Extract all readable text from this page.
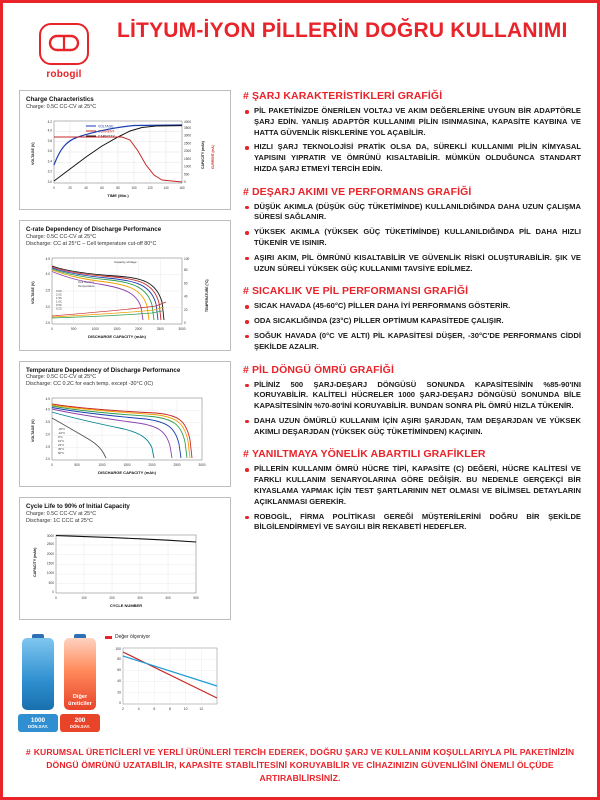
robogil
LİTYUM-İYON PİLLERİN DOĞRU KULLANIMI
Charge Characteristics
Charge: 0.5C CC-CV at 25°C
VOLTAGE
CURRENT
CAPACITY
3.0
3.2
3.4
3.6
3.8
4.0
4.2
0
500
1000
1500
2000
2500
3000
3500
4000
0	20	40	60	80	100	120	140	160
TIME (Min.)
VOLTAGE (V)	CAPACITY (mAh) CURRENT (mA)
C-rate Dependency of Discharge Performance
Charge: 0.5C CC-CV at 25°C
Discharge: CC at 25°C – Cell temperature cut-off 80°C
Capacity-Voltage
Cell Surface
Temperature
3.0C
2.0C
1.5C
1.0C
0.5C
0.2C
2.5
3.0
3.5
4.0
4.5
0
20
40
60
80
100
0	500	1000	1500	2000	2500	3000
DISCHARGE CAPACITY (mAh)
VOLTAGE (V)	TEMPERATURE (°C)
Temperature Dependency of Discharge Performance
Charge: 0.5C CC-CV at 25°C
Discharge: CC 0.2C for each temp. except -30°C (IC)
-30°C
-10°C
0°C
10°C
23°C
45°C
60°C
2.0
2.5
3.0
3.5
4.0
4.5
0	500	1000	1500	2000	2500	3000
DISCHARGE CAPACITY (mAh)
VOLTAGE (V)
Cycle Life to 90% of Initial Capacity
Charge: 0.5C CC-CV at 25°C
Discharge: 1C CCC at 25°C
0
500
1000
1500
2000
2500
3000
0	100	200	300	400	500
CYCLE NUMBER
CAPACITY (mAh)
1000
DÖN.SAY.
Diğer üreticiler
200
DÖN.SAY.
Değer ölçeniyor
0
20
40
60
80
100
2	4	6	8	10	12
# ŞARJ KARAKTERİSTİKLERİ GRAFİĞİ
PİL PAKETİNİZDE ÖNERİLEN VOLTAJ VE AKIM DEĞERLERİNE UYGUN BİR ADAPTÖRLE ŞARJ EDİN. YANLIŞ ADAPTÖR KULLANIMI PİLİN ISINMASINA, KAPASİTE KAYBINA VE HATTA GÜVENLİK RİSKLERİNE YOL AÇABİLİR.
HIZLI ŞARJ TEKNOLOJİSİ PRATİK OLSA DA, SÜREKLİ KULLANIMI PİLİN KİMYASAL YAPISINI YIPRATIR VE ÖMRÜNÜ KISALTABİLİR. MÜMKÜN OLDUĞUNCA STANDART HIZDA ŞARJ ETMEYİ TERCİH EDİN.
# DEŞARJ AKIMI VE PERFORMANS GRAFİĞİ
DÜŞÜK AKIMLA (DÜŞÜK GÜÇ TÜKETİMİNDE) KULLANILDIĞINDA DAHA UZUN ÇALIŞMA SÜRESİ SAĞLANIR.
YÜKSEK AKIMLA (YÜKSEK GÜÇ TÜKETİMİNDE) KULLANILDIĞINDA PİL DAHA HIZLI TÜKENİR VE ISINIR.
AŞIRI AKIM, PİL ÖMRÜNÜ KISALTABİLİR VE GÜVENLİK RİSKİ OLUŞTURABİLİR. ŞIK VE UZUN SÜRELİ YÜKSEK GÜÇ KULLANIMI TAVSİYE EDİLMEZ.
# SICAKLIK VE PİL PERFORMANSI GRAFİĞİ
SICAK HAVADA (45-60°C) PİLLER DAHA İYİ PERFORMANS GÖSTERİR.
ODA SICAKLIĞINDA (23°C) PİLLER OPTİMUM KAPASİTEDE ÇALIŞIR.
SOĞUK HAVADA (0°C VE ALTI) PİL KAPASİTESİ DÜŞER, -30°C'DE PERFORMANS CİDDİ ŞEKİLDE AZALIR.
# PİL DÖNGÜ ÖMRÜ GRAFİĞİ
PİLİNİZ 500 ŞARJ-DEŞARJ DÖNGÜSÜ SONUNDA KAPASİTESİNİN %85-90'INI KORUYABİLİR. KALİTELİ HÜCRELER 1000 ŞARJ-DEŞARJ DÖNGÜSÜ SONUNDA BİLE KAPASİTESİNİN %70-80'İNİ KORUYABİLİR. BUNDAN SONRA PİL ÖMRÜ HIZLA TÜKENİR.
DAHA UZUN ÖMÜRLÜ KULLANIM İÇİN AŞIRI ŞARJDAN, TAM DEŞARJDAN VE YÜKSEK AKIMLI DEŞARJDAN (YÜKSEK GÜÇ TÜKETİMİNDEN) KAÇININ.
# YANILTMAYA YÖNELİK ABARTILI GRAFİKLER
PİLLERİN KULLANIM ÖMRÜ HÜCRE TİPİ, KAPASİTE (C) DEĞERİ, HÜCRE KALİTESİ VE FARKLI KULLANIM SENARYOLARINA GÖRE DEĞİŞİR. BU NEDENLE GERÇEKÇİ BİR KIYASLAMA YAPMAK İÇİN TEST ŞARTLARININ NET OLMASI VE BİLİMSEL DETAYLARIN AÇIKLANMASI GEREKİR.
ROBOGİL, FİRMA POLİTİKASI GEREĞİ MÜŞTERİLERİNİ DOĞRU BİR ŞEKİLDE BİLGİLENDİRMEYİ VE SAYGILI BİR REKABETİ HEDEFLER.
# KURUMSAL ÜRETİCİLERİ VE YERLİ ÜRÜNLERİ TERCİH EDEREK, DOĞRU ŞARJ VE KULLANIM KOŞULLARIYLA PİL PAKETİNİZİN DÖNGÜ ÖMRÜNÜ UZATABİLİR, KAPASİTE STABİLİTESİNİ KORUYABİLİR VE CİHAZINIZIN GÜVENLİĞİNİ ÖNEMLİ ÖLÇÜDE ARTIRABİLİRSİNİZ.
